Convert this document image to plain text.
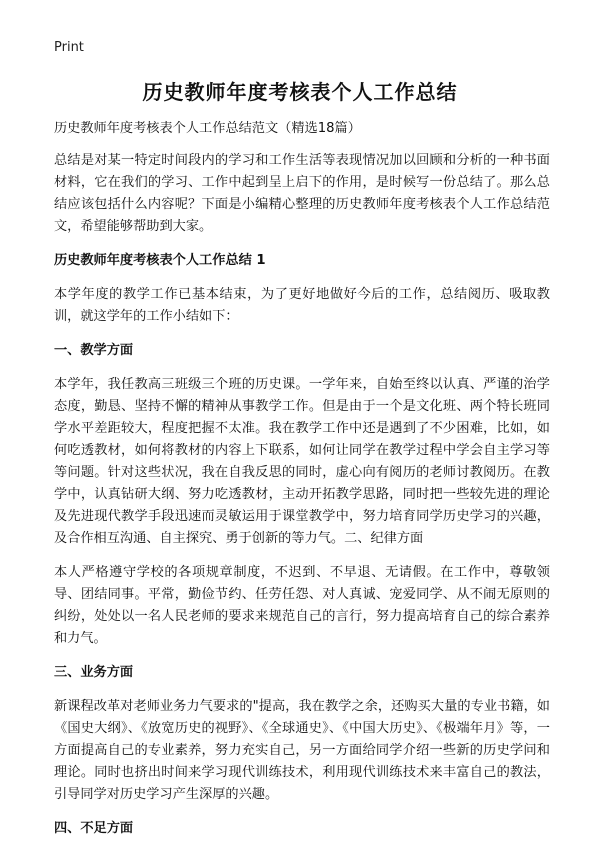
Print
历史教师年度考核表个人工作总结

历史教师年度考核表个人工作总结范文（精选18篇）

总结是对某一特定时间段内的学习和工作生活等表现情况加以回顾和分析的一种书面材料，它在我们的学习、工作中起到呈上启下的作用，是时候写一份总结了。那么总结应该包括什么内容呢？下面是小编精心整理的历史教师年度考核表个人工作总结范文，希望能够帮助到大家。

历史教师年度考核表个人工作总结 1

本学年度的教学工作已基本结束，为了更好地做好今后的工作，总结阅历、吸取教训，就这学年的工作小结如下：

一、教学方面

本学年，我任教高三班级三个班的历史课。一学年来，自始至终以认真、严谨的治学态度，勤恳、坚持不懈的精神从事教学工作。但是由于一个是文化班、两个特长班同学水平差距较大，程度把握不太准。我在教学工作中还是遇到了不少困难，比如，如何吃透教材，如何将教材的内容上下联系，如何让同学在教学过程中学会自主学习等等问题。针对这些状况，我在自我反思的同时，虚心向有阅历的老师讨教阅历。在教学中，认真钻研大纲、努力吃透教材，主动开拓教学思路，同时把一些较先进的理论及先进现代教学手段迅速而灵敏运用于课堂教学中，努力培育同学历史学习的兴趣，及合作相互沟通、自主探究、勇于创新的等力气。二、纪律方面

本人严格遵守学校的各项规章制度，不迟到、不早退、无请假。在工作中，尊敬领导、团结同事。平常，勤俭节约、任劳任怨、对人真诚、宠爱同学、从不闹无原则的纠纷，处处以一名人民老师的要求来规范自己的言行，努力提高培育自己的综合素养和力气。

三、业务方面

新课程改革对老师业务力气要求的"提高，我在教学之余，还购买大量的专业书籍，如《国史大纲》、《放宽历史的视野》、《全球通史》、《中国大历史》、《极端年月》等，一方面提高自己的专业素养，努力充实自己，另一方面给同学介绍一些新的历史学问和理论。同时也挤出时间来学习现代训练技术，利用现代训练技术来丰富自己的教法，引导同学对历史学习产生深厚的兴趣。

四、不足方面
